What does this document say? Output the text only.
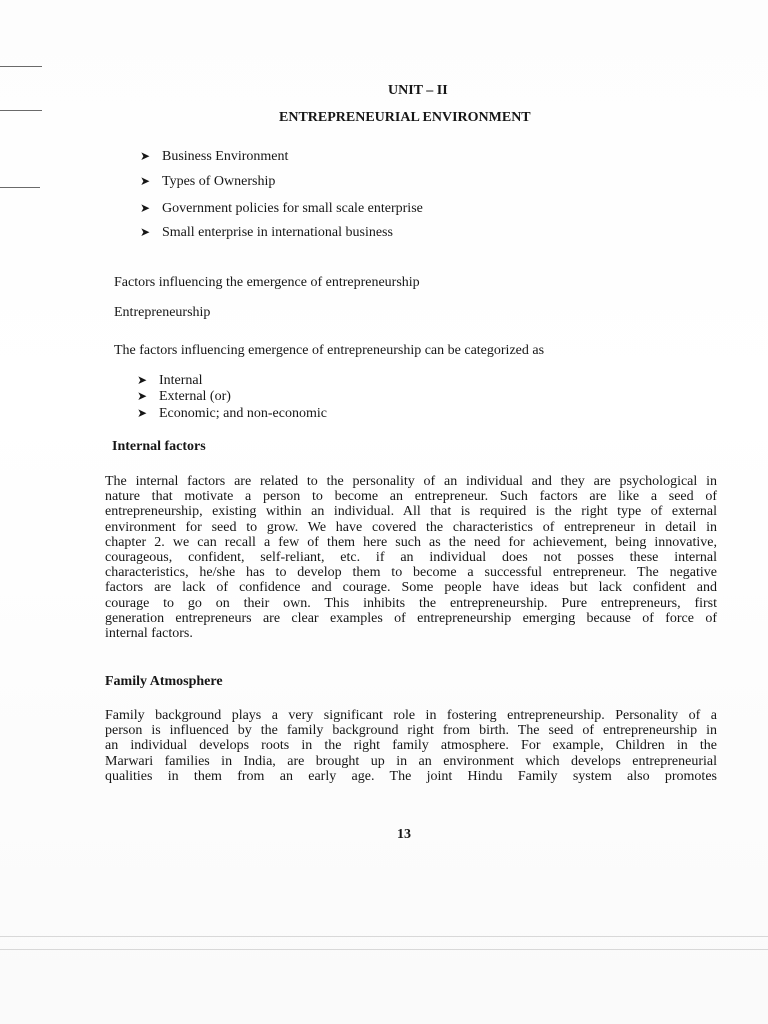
UNIT – II
ENTREPRENEURIAL ENVIRONMENT
➤ Business Environment
➤ Types of Ownership
➤ Government policies for small scale enterprise
➤ Small enterprise in international business
Factors influencing the emergence of entrepreneurship
Entrepreneurship
The factors influencing emergence of entrepreneurship can be categorized as
➤ Internal
➤ External (or)
➤ Economic; and non-economic
Internal factors
The internal factors are related to the personality of an individual and they are psychological in
nature that motivate a person to become an entrepreneur. Such factors are like a seed of
entrepreneurship, existing within an individual. All that is required is the right type of external
environment for seed to grow. We have covered the characteristics of entrepreneur in detail in
chapter 2. we can recall a few of them here such as the need for achievement, being innovative,
courageous, confident, self-reliant, etc. if an individual does not posses these internal
characteristics, he/she has to develop them to become a successful entrepreneur. The negative
factors are lack of confidence and courage. Some people have ideas but lack confident and
courage to go on their own. This inhibits the entrepreneurship. Pure entrepreneurs, first
generation entrepreneurs are clear examples of entrepreneurship emerging because of force of
internal factors.
Family Atmosphere
Family background plays a very significant role in fostering entrepreneurship. Personality of a
person is influenced by the family background right from birth. The seed of entrepreneurship in
an individual develops roots in the right family atmosphere. For example, Children in the
Marwari families in India, are brought up in an environment which develops entrepreneurial
qualities in them from an early age. The joint Hindu Family system also promotes
13
